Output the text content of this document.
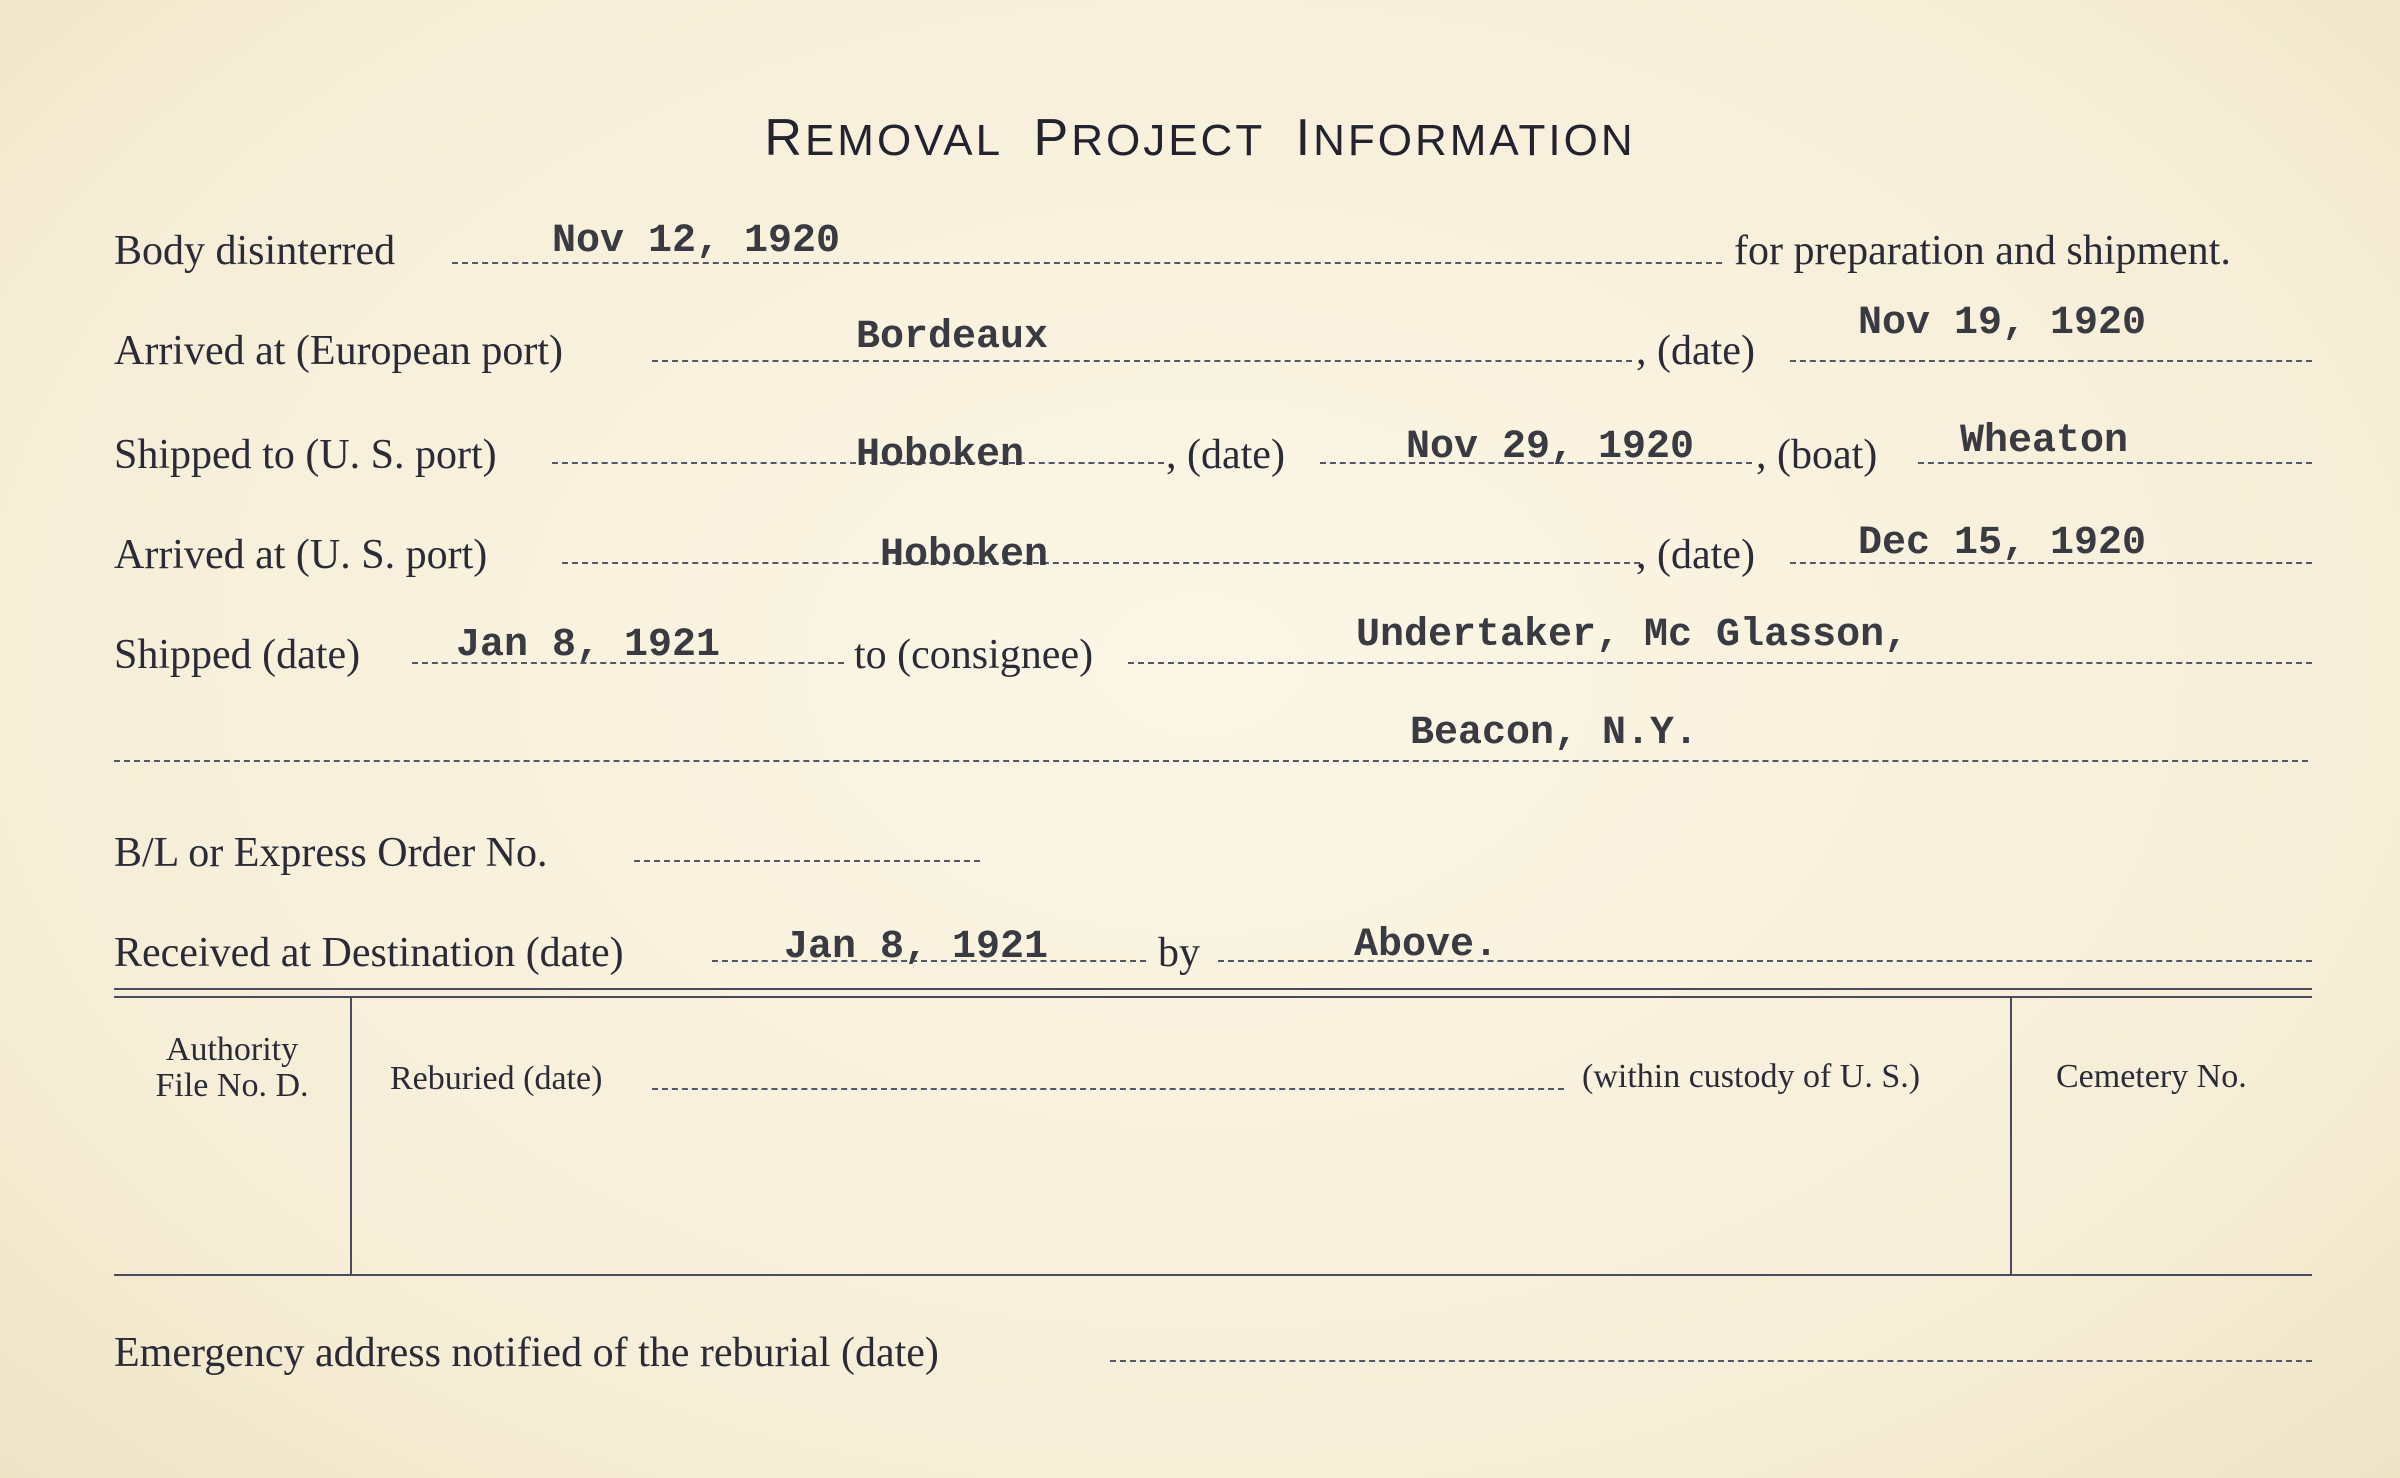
REMOVAL PROJECT INFORMATION
Body disinterred	Nov 12, 1920	for preparation and shipment.
Arrived at (European port)	Bordeaux	, (date)
Nov 19, 1920
Shipped to (U. S. port)	Hoboken	, (date)	Nov 29, 1920 , (boat) Wheaton
Arrived at (U. S. port)	Hoboken	, (date)	Dec 15, 1920
Shipped (date) Jan 8, 1921	to (consignee)	Undertaker, Mc Glasson,
Beacon, N.Y.
B/L or Express Order No.
Received at Destination (date)	Jan 8, 1921	by	Above.
Authority
File No. D.	Reburied (date)	(within custody of U. S.)	Cemetery No.
Emergency address notified of the reburial (date)
